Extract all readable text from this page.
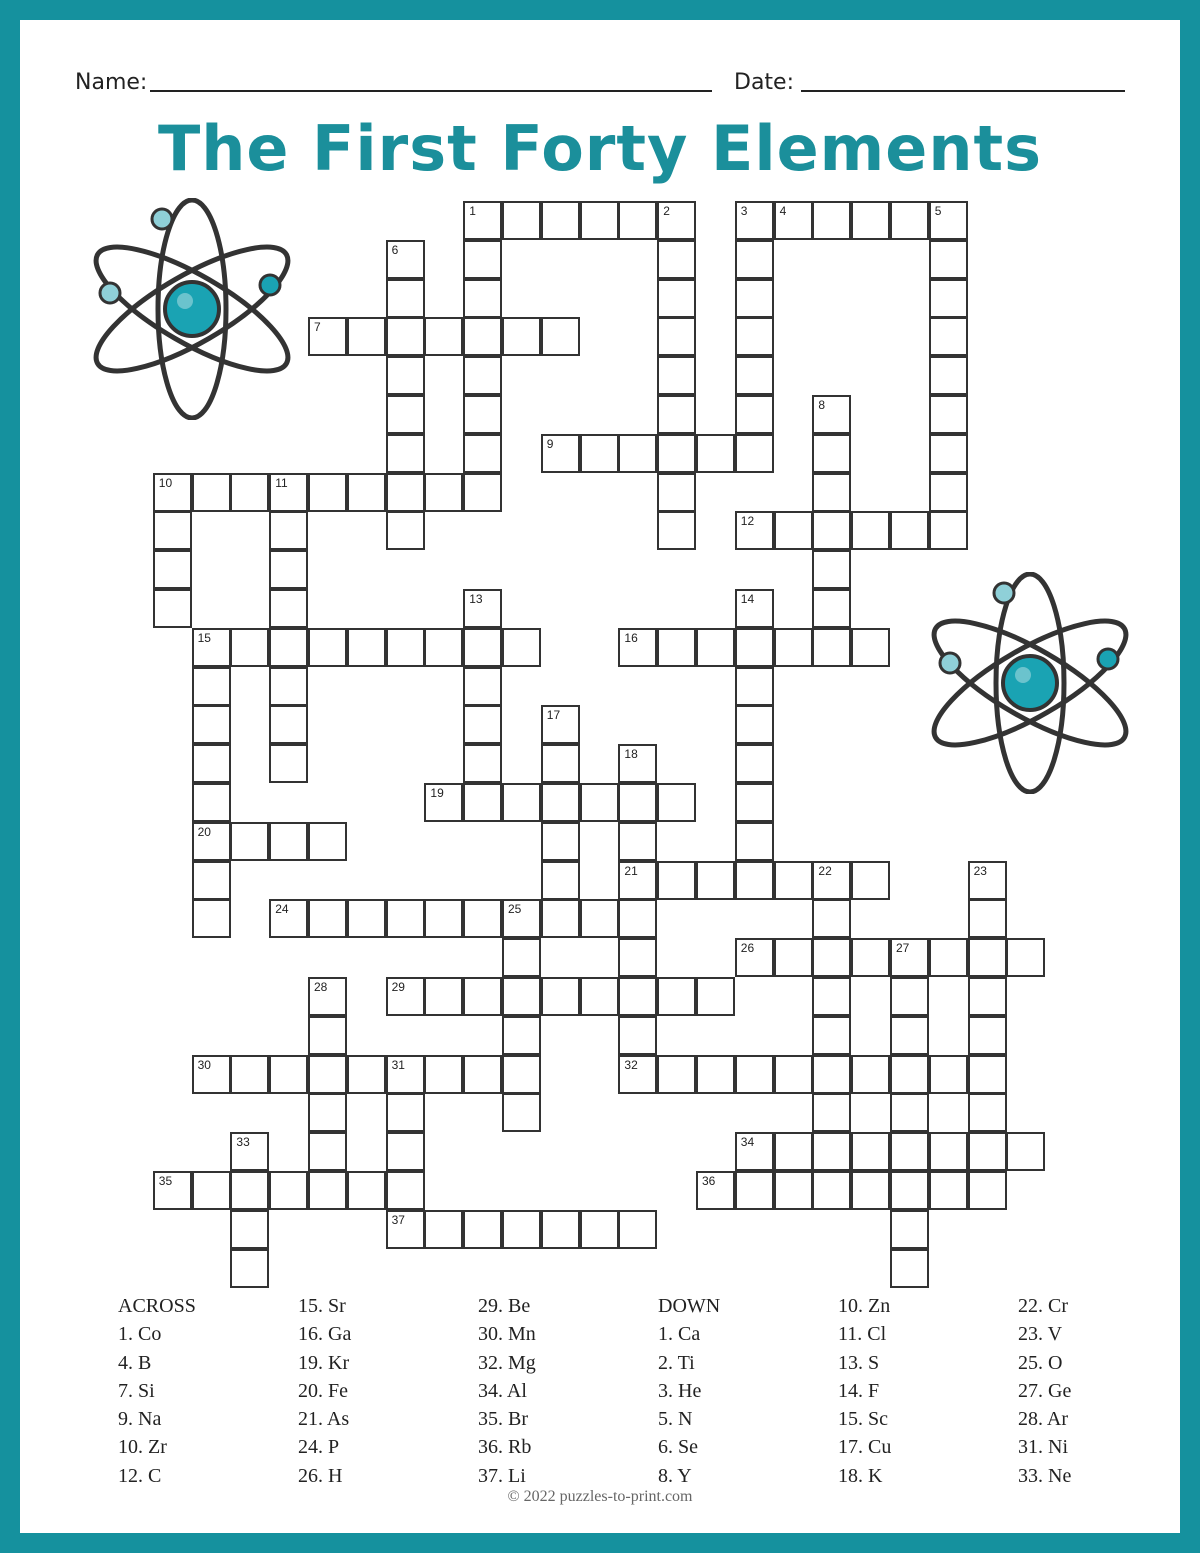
Name:	Date:
The First Forty Elements
1	2	4	5
7
9
10	11
12
15	16
19
20
21	22
24	25
26	27
29
30	31	32
34
35	36
37
3
6
8
13	14
17
18
23
28
33
ACROSS
1. Co
4. B
7. Si
9. Na
10. Zr
12. C
15. Sr
16. Ga
19. Kr
20. Fe
21. As
24. P
26. H
29. Be
30. Mn
32. Mg
34. Al
35. Br
36. Rb
37. Li
DOWN
1. Ca
2. Ti
3. He
5. N
6. Se
8. Y
10. Zn
11. Cl
13. S
14. F
15. Sc
17. Cu
18. K
22. Cr
23. V
25. O
27. Ge
28. Ar
31. Ni
33. Ne
© 2022 puzzles-to-print.com
